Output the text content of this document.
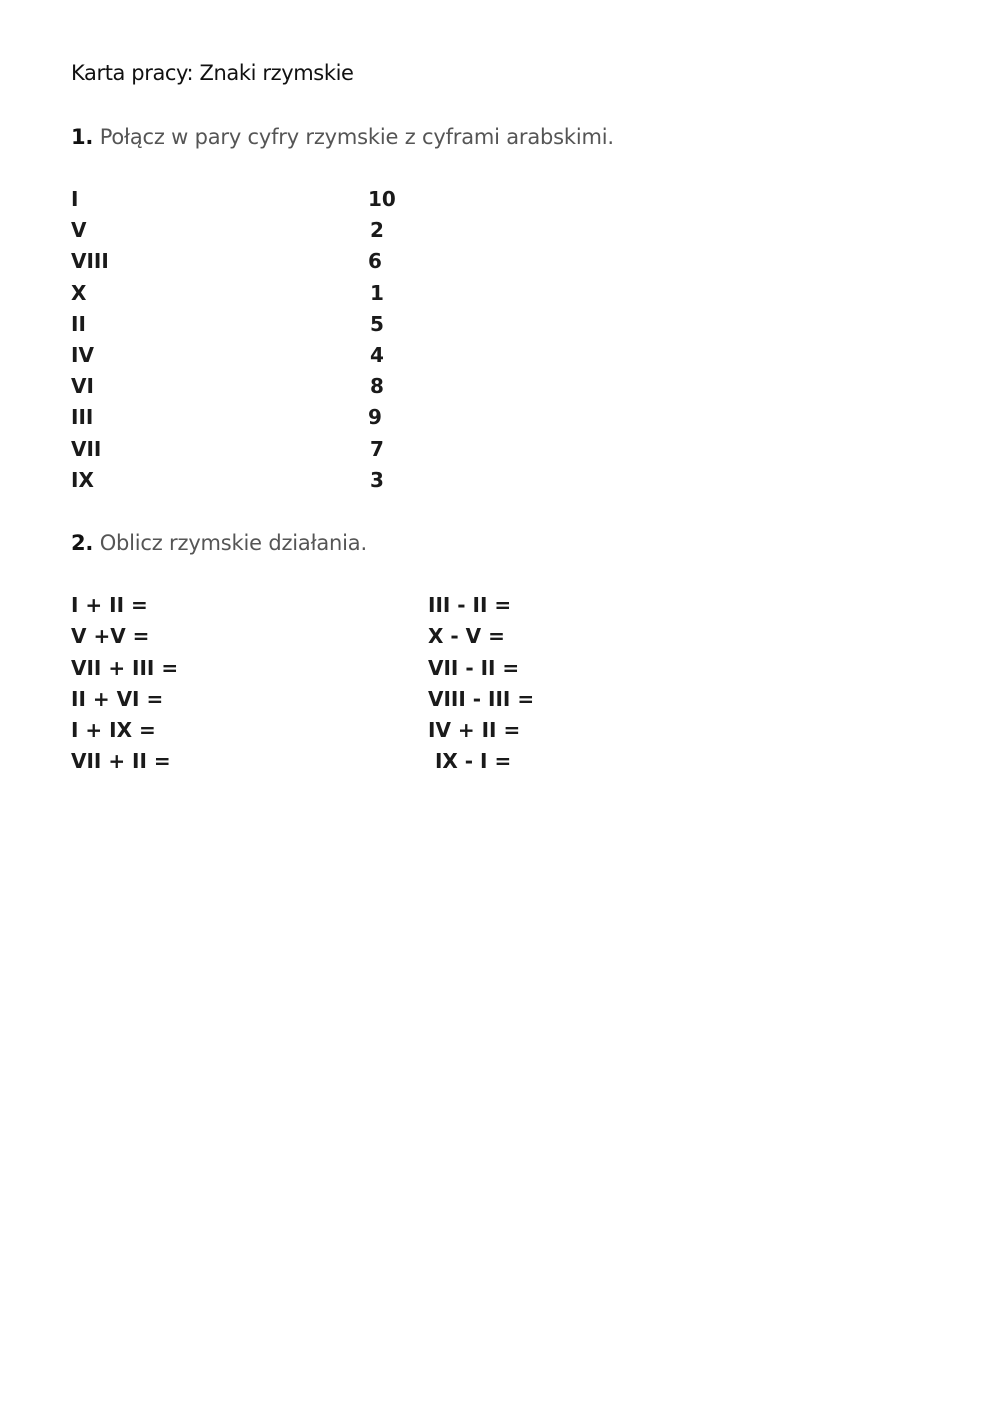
Karta pracy: Znaki rzymskie
1. Połącz w pary cyfry rzymskie z cyframi arabskimi.
I
V
VIII
X
II
IV
VI
III
VII
IX
10
2
6
1
5
4
8
9
7
3
2. Oblicz rzymskie działania.
I + II =
V +V =
VII + III =
II + VI =
I + IX =
VII + II =
III - II =
X - V =
VII - II =
VIII - III =
IV + II =
IX - I =
